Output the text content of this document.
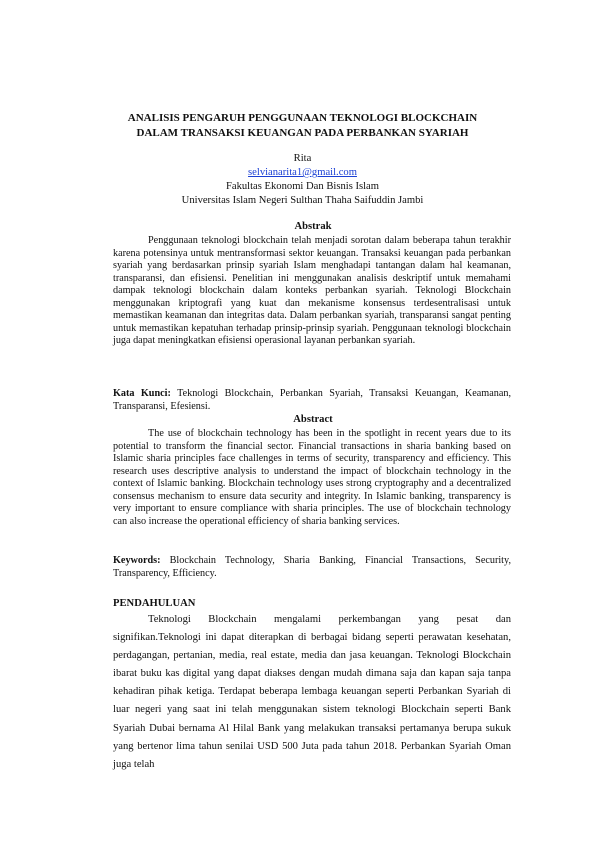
ANALISIS PENGARUH PENGGUNAAN TEKNOLOGI BLOCKCHAIN
DALAM TRANSAKSI KEUANGAN PADA PERBANKAN SYARIAH

Rita

selvianarita1@gmail.com

Fakultas Ekonomi Dan Bisnis Islam

Universitas Islam Negeri Sulthan Thaha Saifuddin Jambi

Abstrak

Penggunaan teknologi blockchain telah menjadi sorotan dalam beberapa tahun terakhir karena potensinya untuk mentransformasi sektor keuangan. Transaksi keuangan pada perbankan syariah yang berdasarkan prinsip syariah Islam menghadapi tantangan dalam hal keamanan, transparansi, dan efisiensi. Penelitian ini menggunakan analisis deskriptif untuk memahami dampak teknologi blockchain dalam konteks perbankan syariah. Teknologi Blockchain menggunakan kriptografi yang kuat dan mekanisme konsensus terdesentralisasi untuk memastikan keamanan dan integritas data. Dalam perbankan syariah, transparansi sangat penting untuk memastikan kepatuhan terhadap prinsip-prinsip syariah. Penggunaan teknologi blockchain juga dapat meningkatkan efisiensi operasional layanan perbankan syariah.

Kata Kunci: Teknologi Blockchain, Perbankan Syariah, Transaksi Keuangan, Keamanan, Transparansi, Efesiensi.

Abstract

The use of blockchain technology has been in the spotlight in recent years due to its potential to transform the financial sector. Financial transactions in sharia banking based on Islamic sharia principles face challenges in terms of security, transparency and efficiency. This research uses descriptive analysis to understand the impact of blockchain technology in the context of Islamic banking. Blockchain technology uses strong cryptography and a decentralized consensus mechanism to ensure data security and integrity. In Islamic banking, transparency is very important to ensure compliance with sharia principles. The use of blockchain technology can also increase the operational efficiency of sharia banking services.

Keywords: Blockchain Technology, Sharia Banking, Financial Transactions, Security, Transparency, Efficiency.

PENDAHULUAN

Teknologi Blockchain mengalami perkembangan yang pesat dan signifikan.Teknologi ini dapat diterapkan di berbagai bidang seperti perawatan kesehatan, perdagangan, pertanian, media, real estate, media dan jasa keuangan. Teknologi Blockchain ibarat buku kas digital yang dapat diakses dengan mudah dimana saja dan kapan saja tanpa kehadiran pihak ketiga. Terdapat beberapa lembaga keuangan seperti Perbankan Syariah di luar negeri yang saat ini telah menggunakan sistem teknologi Blockchain seperti Bank Syariah Dubai bernama Al Hilal Bank yang melakukan transaksi pertamanya berupa sukuk yang bertenor lima tahun senilai USD 500 Juta pada tahun 2018. Perbankan Syariah Oman juga telah
